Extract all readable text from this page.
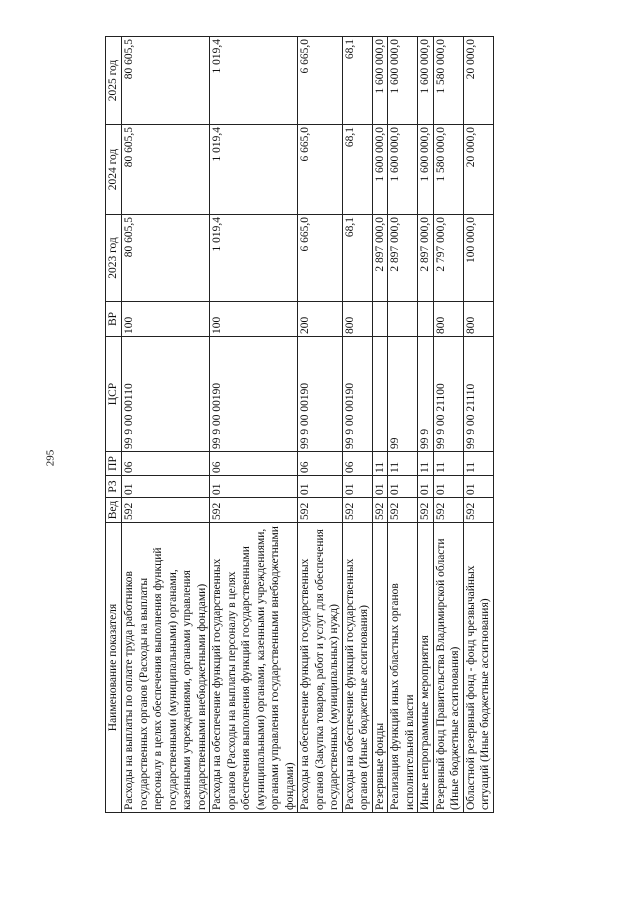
295
Наименование показателя	Вед	РЗ	ПР	ЦСР	ВР	2023 год	2024 год	2025 год
Расходы на выплаты по оплате труда работников государственных органов (Расходы на выплаты персоналу в целях обеспечения выполнения функций государственными (муниципальными) органами, казенными учреждениями, органами управления государственными внебюджетными фондами)	592	01	06	99 9 00 00110	100	80 605,5	80 605,5	80 605,5
Расходы на обеспечение функций государственных органов (Расходы на выплаты персоналу в целях обеспечения выполнения функций государственными (муниципальными) органами, казенными учреждениями, органами управления государственными внебюджетными фондами)	592	01	06	99 9 00 00190	100	1 019,4	1 019,4	1 019,4
Расходы на обеспечение функций государственных органов (Закупка товаров, работ и услуг для обеспечения государственных (муниципальных) нужд)	592	01	06	99 9 00 00190	200	6 665,0	6 665,0	6 665,0
Расходы на обеспечение функций государственных органов (Иные бюджетные ассигнования)	592	01	06	99 9 00 00190	800	68,1	68,1	68,1
Резервные фонды	592	01	11			2 897 000,0	1 600 000,0	1 600 000,0
Реализация функций иных областных органов исполнительной власти	592	01	11	99		2 897 000,0	1 600 000,0	1 600 000,0
Иные непрограммные мероприятия	592	01	11	99 9		2 897 000,0	1 600 000,0	1 600 000,0
Резервный фонд Правительства Владимирской области (Иные бюджетные ассигнования)	592	01	11	99 9 00 21100	800	2 797 000,0	1 580 000,0	1 580 000,0
Областной резервный фонд - фонд чрезвычайных ситуаций (Иные бюджетные ассигнования)	592	01	11	99 9 00 21110	800	100 000,0	20 000,0	20 000,0
